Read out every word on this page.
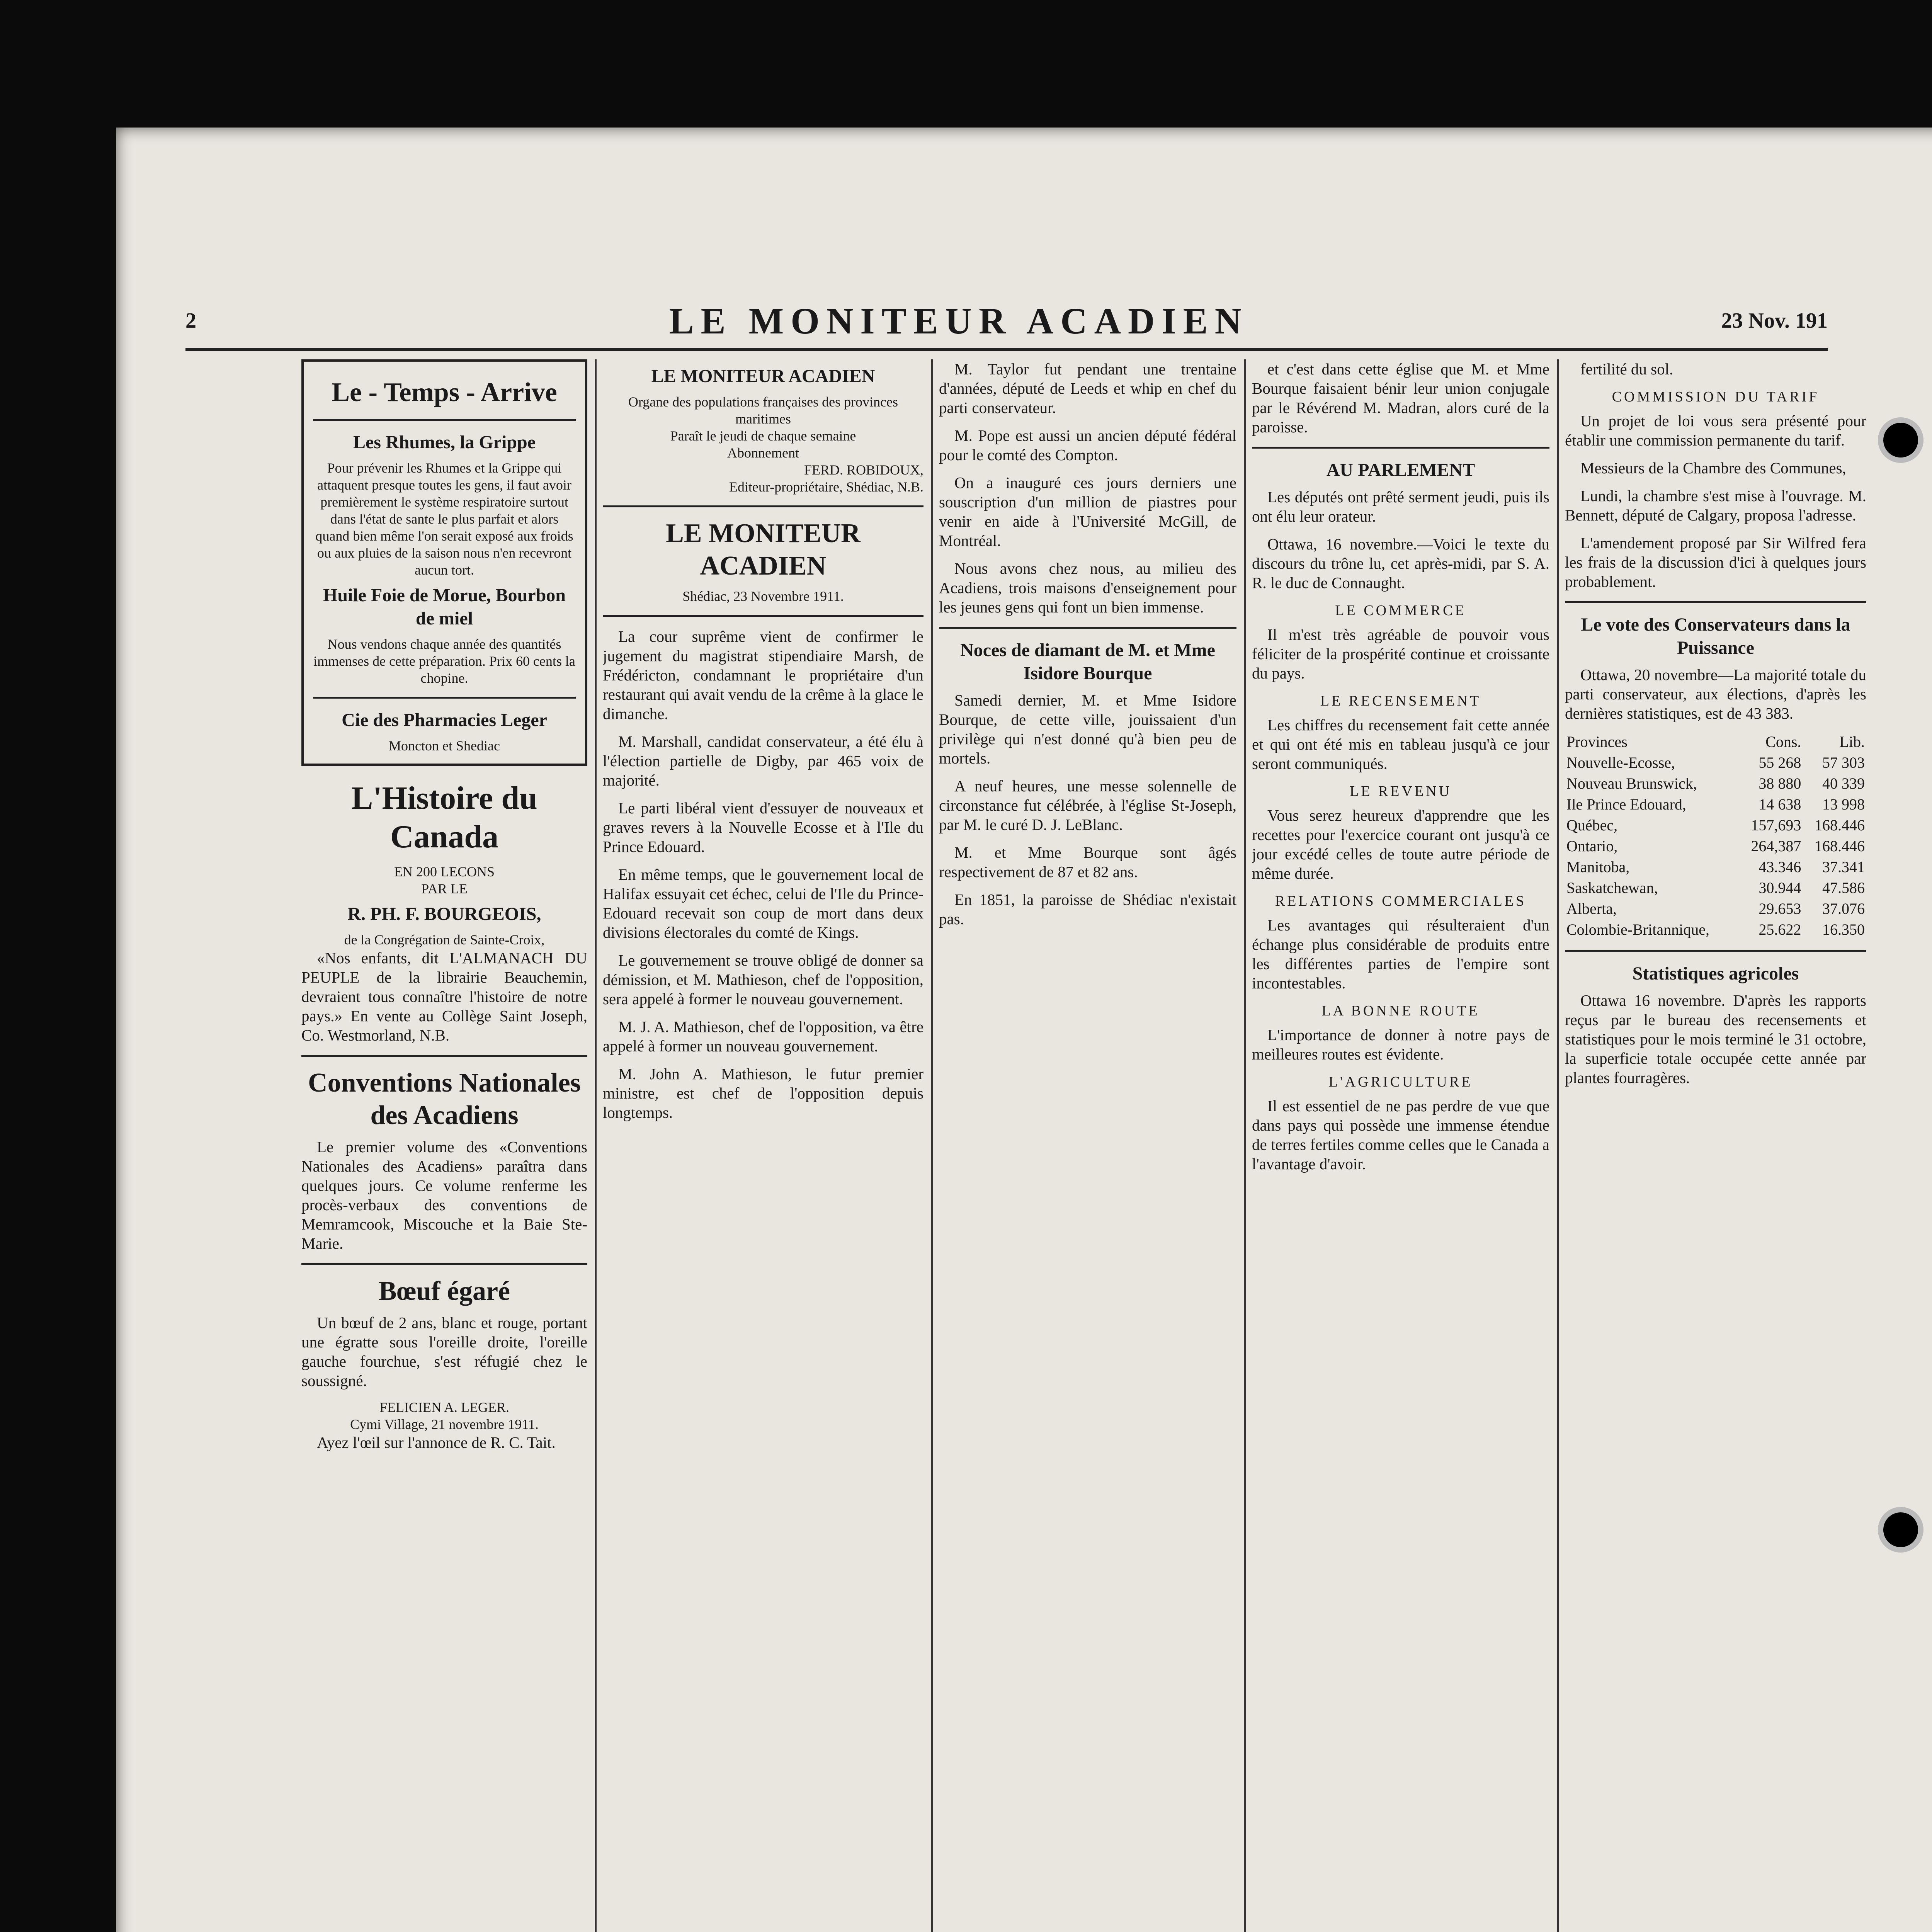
2	LE MONITEUR ACADIEN	23 Nov. 191
Le - Temps - Arrive
Les Rhumes, la Grippe
Pour prévenir les Rhumes et la Grippe qui attaquent presque toutes les gens, il faut avoir premièrement le système respiratoire surtout dans l'état de sante le plus parfait et alors quand bien même l'on serait exposé aux froids ou aux pluies de la saison nous n'en recevront aucun tort.
Huile Foie de Morue, Bourbon de miel
Nous vendons chaque année des quantités immenses de cette préparation. Prix 60 cents la chopine.
Cie des Pharmacies Leger
Moncton et Shediac
L'Histoire du Canada
EN 200 LECONS
PAR LE
R. PH. F. BOURGEOIS,
de la Congrégation de Sainte-Croix,

«Nos enfants, dit L'ALMANACH DU PEUPLE de la librairie Beauchemin, devraient tous connaître l'histoire de notre pays.» En vente au Collège Saint Joseph, Co. Westmorland, N.B.

Conventions Nationales des Acadiens

Le premier volume des «Conventions Nationales des Acadiens» paraîtra dans quelques jours. Ce volume renferme les procès-verbaux des conventions de Memramcook, Miscouche et la Baie Ste-Marie.

Bœuf égaré

Un bœuf de 2 ans, blanc et rouge, portant une égratte sous l'oreille droite, l'oreille gauche fourchue, s'est réfugié chez le soussigné.

FELICIEN A. LEGER.
Cymi Village, 21 novembre 1911.

Ayez l'œil sur l'annonce de R. C. Tait.

LE MONITEUR ACADIEN
Organe des populations françaises des provinces maritimes
Paraît le jeudi de chaque semaine
Abonnement
FERD. ROBIDOUX,
Editeur-propriétaire, Shédiac, N.B.
LE MONITEUR ACADIEN
Shédiac, 23 Novembre 1911.

La cour suprême vient de confirmer le jugement du magistrat stipendiaire Marsh, de Frédéricton, condamnant le propriétaire d'un restaurant qui avait vendu de la crême à la glace le dimanche.

M. Marshall, candidat conservateur, a été élu à l'élection partielle de Digby, par 465 voix de majorité.

Le parti libéral vient d'essuyer de nouveaux et graves revers à la Nouvelle Ecosse et à l'Ile du Prince Edouard.

En même temps, que le gouvernement local de Halifax essuyait cet échec, celui de l'Ile du Prince-Edouard recevait son coup de mort dans deux divisions électorales du comté de Kings.

Le gouvernement se trouve obligé de donner sa démission, et M. Mathieson, chef de l'opposition, sera appelé à former le nouveau gouvernement.

M. J. A. Mathieson, chef de l'opposition, va être appelé à former un nouveau gouvernement.

M. John A. Mathieson, le futur premier ministre, est chef de l'opposition depuis longtemps.

M. Taylor fut pendant une trentaine d'années, député de Leeds et whip en chef du parti conservateur.

M. Pope est aussi un ancien député fédéral pour le comté des Compton.

On a inauguré ces jours derniers une souscription d'un million de piastres pour venir en aide à l'Université McGill, de Montréal.

Nous avons chez nous, au milieu des Acadiens, trois maisons d'enseignement pour les jeunes gens qui font un bien immense.

Noces de diamant de M. et Mme Isidore Bourque

Samedi dernier, M. et Mme Isidore Bourque, de cette ville, jouissaient d'un privilège qui n'est donné qu'à bien peu de mortels.

A neuf heures, une messe solennelle de circonstance fut célébrée, à l'église St-Joseph, par M. le curé D. J. LeBlanc.

M. et Mme Bourque sont âgés respectivement de 87 et 82 ans.

En 1851, la paroisse de Shédiac n'existait pas.

et c'est dans cette église que M. et Mme Bourque faisaient bénir leur union conjugale par le Révérend M. Madran, alors curé de la paroisse.

AU PARLEMENT

Les députés ont prêté serment jeudi, puis ils ont élu leur orateur.

Ottawa, 16 novembre.—Voici le texte du discours du trône lu, cet après-midi, par S. A. R. le duc de Connaught.

LE COMMERCE

Il m'est très agréable de pouvoir vous féliciter de la prospérité continue et croissante du pays.

LE RECENSEMENT

Les chiffres du recensement fait cette année et qui ont été mis en tableau jusqu'à ce jour seront communiqués.

LE REVENU

Vous serez heureux d'apprendre que les recettes pour l'exercice courant ont jusqu'à ce jour excédé celles de toute autre période de même durée.

RELATIONS COMMERCIALES

Les avantages qui résulteraient d'un échange plus considérable de produits entre les différentes parties de l'empire sont incontestables.

LA BONNE ROUTE

L'importance de donner à notre pays de meilleures routes est évidente.

L'AGRICULTURE

Il est essentiel de ne pas perdre de vue que dans pays qui possède une immense étendue de terres fertiles comme celles que le Canada a l'avantage d'avoir.

fertilité du sol.

COMMISSION DU TARIF

Un projet de loi vous sera présenté pour établir une commission permanente du tarif.

Messieurs de la Chambre des Communes,

Lundi, la chambre s'est mise à l'ouvrage. M. Bennett, député de Calgary, proposa l'adresse.

L'amendement proposé par Sir Wilfred fera les frais de la discussion d'ici à quelques jours probablement.

Le vote des Conservateurs dans la Puissance

Ottawa, 20 novembre—La majorité totale du parti conservateur, aux élections, d'après les dernières statistiques, est de 43 383.

Provinces	Cons.	Lib.
Nouvelle-Ecosse,	55 268	57 303
Nouveau Brunswick,	38 880	40 339
Ile Prince Edouard,	14 638	13 998
Québec,	157,693	168.446
Ontario,	264,387	168.446
Manitoba,	43.346	37.341
Saskatchewan,	30.944	47.586
Alberta,	29.653	37.076
Colombie-Britannique,	25.622	16.350
Statistiques agricoles

Ottawa 16 novembre. D'après les rapports reçus par le bureau des recensements et statistiques pour le mois terminé le 31 octobre, la superficie totale occupée cette année par plantes fourragères.
